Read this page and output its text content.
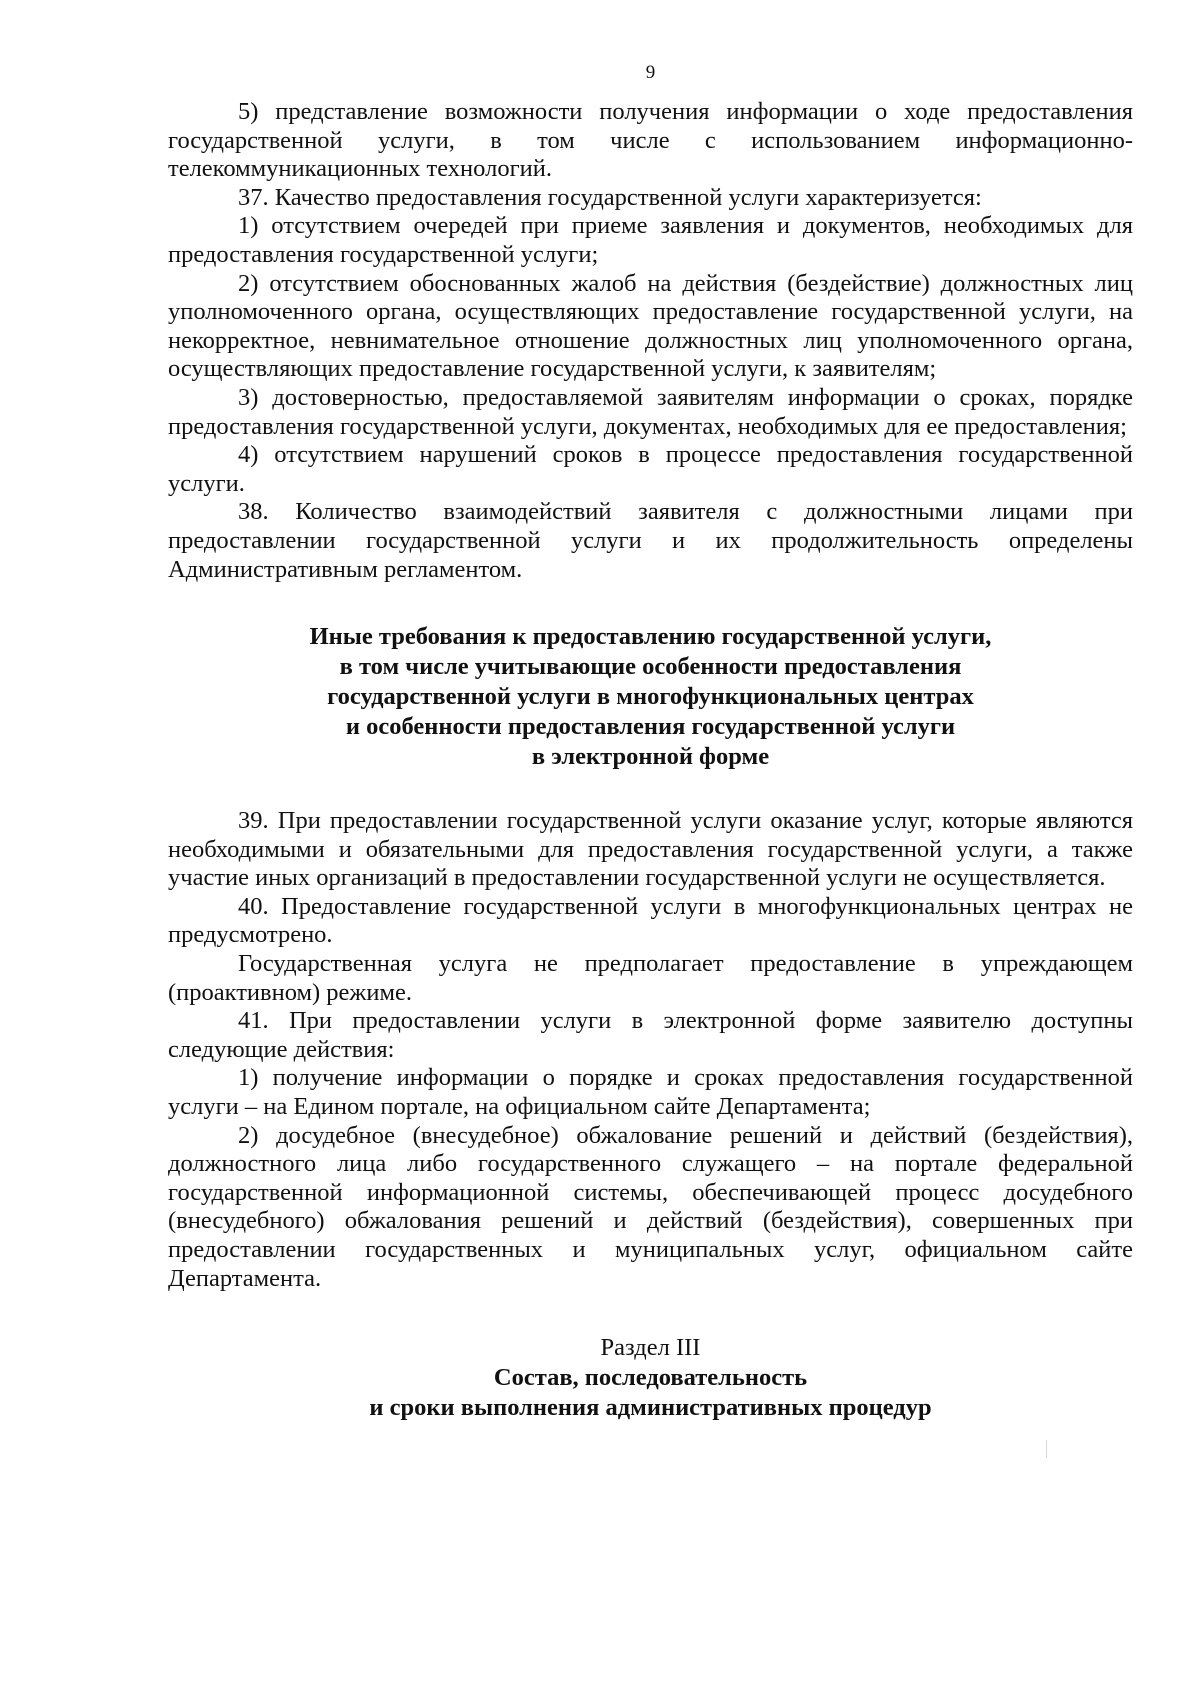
9

5) представление возможности получения информации о ходе предоставления государственной услуги, в том числе с использованием информационно-телекоммуникационных технологий.

37. Качество предоставления государственной услуги характеризуется:

1) отсутствием очередей при приеме заявления и документов, необходимых для предоставления государственной услуги;

2) отсутствием обоснованных жалоб на действия (бездействие) должностных лиц уполномоченного органа, осуществляющих предоставление государственной услуги, на некорректное, невнимательное отношение должностных лиц уполномоченного органа, осуществляющих предоставление государственной услуги, к заявителям;

3) достоверностью, предоставляемой заявителям информации о сроках, порядке предоставления государственной услуги, документах, необходимых для ее предоставления;

4) отсутствием нарушений сроков в процессе предоставления государственной услуги.

38. Количество взаимодействий заявителя с должностными лицами при предоставлении государственной услуги и их продолжительность определены Административным регламентом.

Иные требования к предоставлению государственной услуги,
в том числе учитывающие особенности предоставления
государственной услуги в многофункциональных центрах
и особенности предоставления государственной услуги
в электронной форме

39. При предоставлении государственной услуги оказание услуг, которые являются необходимыми и обязательными для предоставления государственной услуги, а также участие иных организаций в предоставлении государственной услуги не осуществляется.

40. Предоставление государственной услуги в многофункциональных центрах не предусмотрено.

Государственная услуга не предполагает предоставление в упреждающем (проактивном) режиме.

41. При предоставлении услуги в электронной форме заявителю доступны следующие действия:

1) получение информации о порядке и сроках предоставления государственной услуги – на Едином портале, на официальном сайте Департамента;

2) досудебное (внесудебное) обжалование решений и действий (бездействия), должностного лица либо государственного служащего – на портале федеральной государственной информационной системы, обеспечивающей процесс досудебного (внесудебного) обжалования решений и действий (бездействия), совершенных при предоставлении государственных и муниципальных услуг, официальном сайте Департамента.

Раздел III
Состав, последовательность
и сроки выполнения административных процедур
